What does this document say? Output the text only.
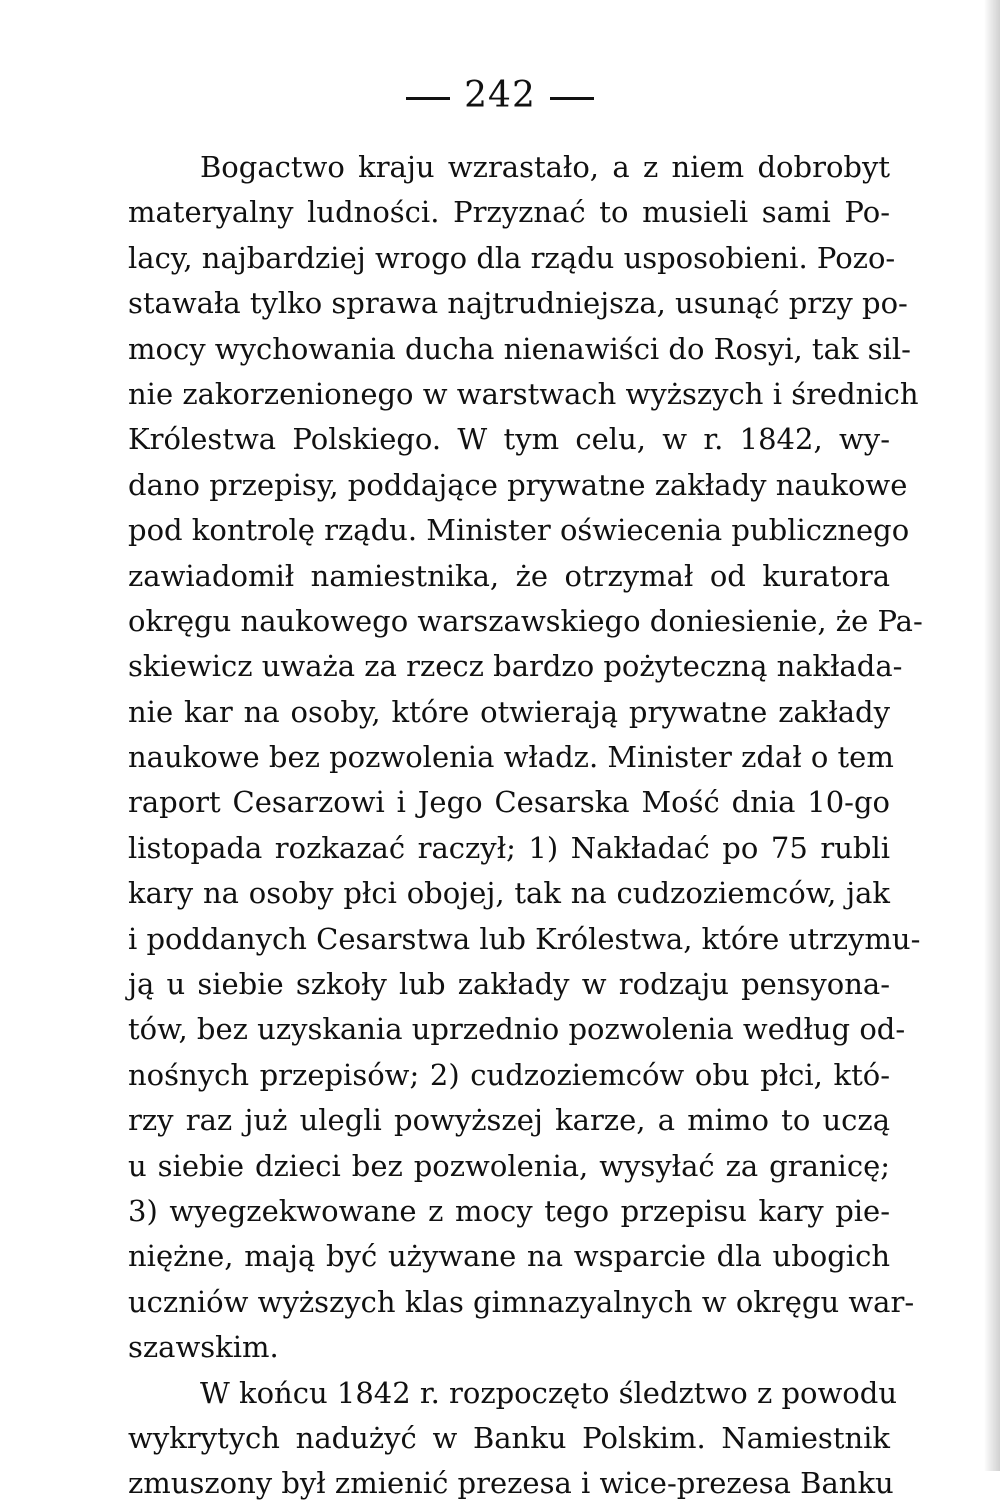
242
Bogactwo kraju wzrastało, a z niem dobrobyt
materyalny ludności. Przyznać to musieli sami Po-
lacy, najbardziej wrogo dla rządu usposobieni. Pozo-
stawała tylko sprawa najtrudniejsza, usunąć przy po-
mocy wychowania ducha nienawiści do Rosyi, tak sil-
nie zakorzenionego w warstwach wyższych i średnich
Królestwa Polskiego. W tym celu, w r. 1842, wy-
dano przepisy, poddające prywatne zakłady naukowe
pod kontrolę rządu. Minister oświecenia publicznego
zawiadomił namiestnika, że otrzymał od kuratora
okręgu naukowego warszawskiego doniesienie, że Pa-
skiewicz uważa za rzecz bardzo pożyteczną nakłada-
nie kar na osoby, które otwierają prywatne zakłady
naukowe bez pozwolenia władz. Minister zdał o tem
raport Cesarzowi i Jego Cesarska Mość dnia 10-go
listopada rozkazać raczył; 1) Nakładać po 75 rubli
kary na osoby płci obojej, tak na cudzoziemców, jak
i poddanych Cesarstwa lub Królestwa, które utrzymu-
ją u siebie szkoły lub zakłady w rodzaju pensyona-
tów, bez uzyskania uprzednio pozwolenia według od-
nośnych przepisów; 2) cudzoziemców obu płci, któ-
rzy raz już ulegli powyższej karze, a mimo to uczą
u siebie dzieci bez pozwolenia, wysyłać za granicę;
3) wyegzekwowane z mocy tego przepisu kary pie-
niężne, mają być używane na wsparcie dla ubogich
uczniów wyższych klas gimnazyalnych w okręgu war-
szawskim.
W końcu 1842 r. rozpoczęto śledztwo z powodu
wykrytych nadużyć w Banku Polskim. Namiestnik
zmuszony był zmienić prezesa i wice-prezesa Banku
